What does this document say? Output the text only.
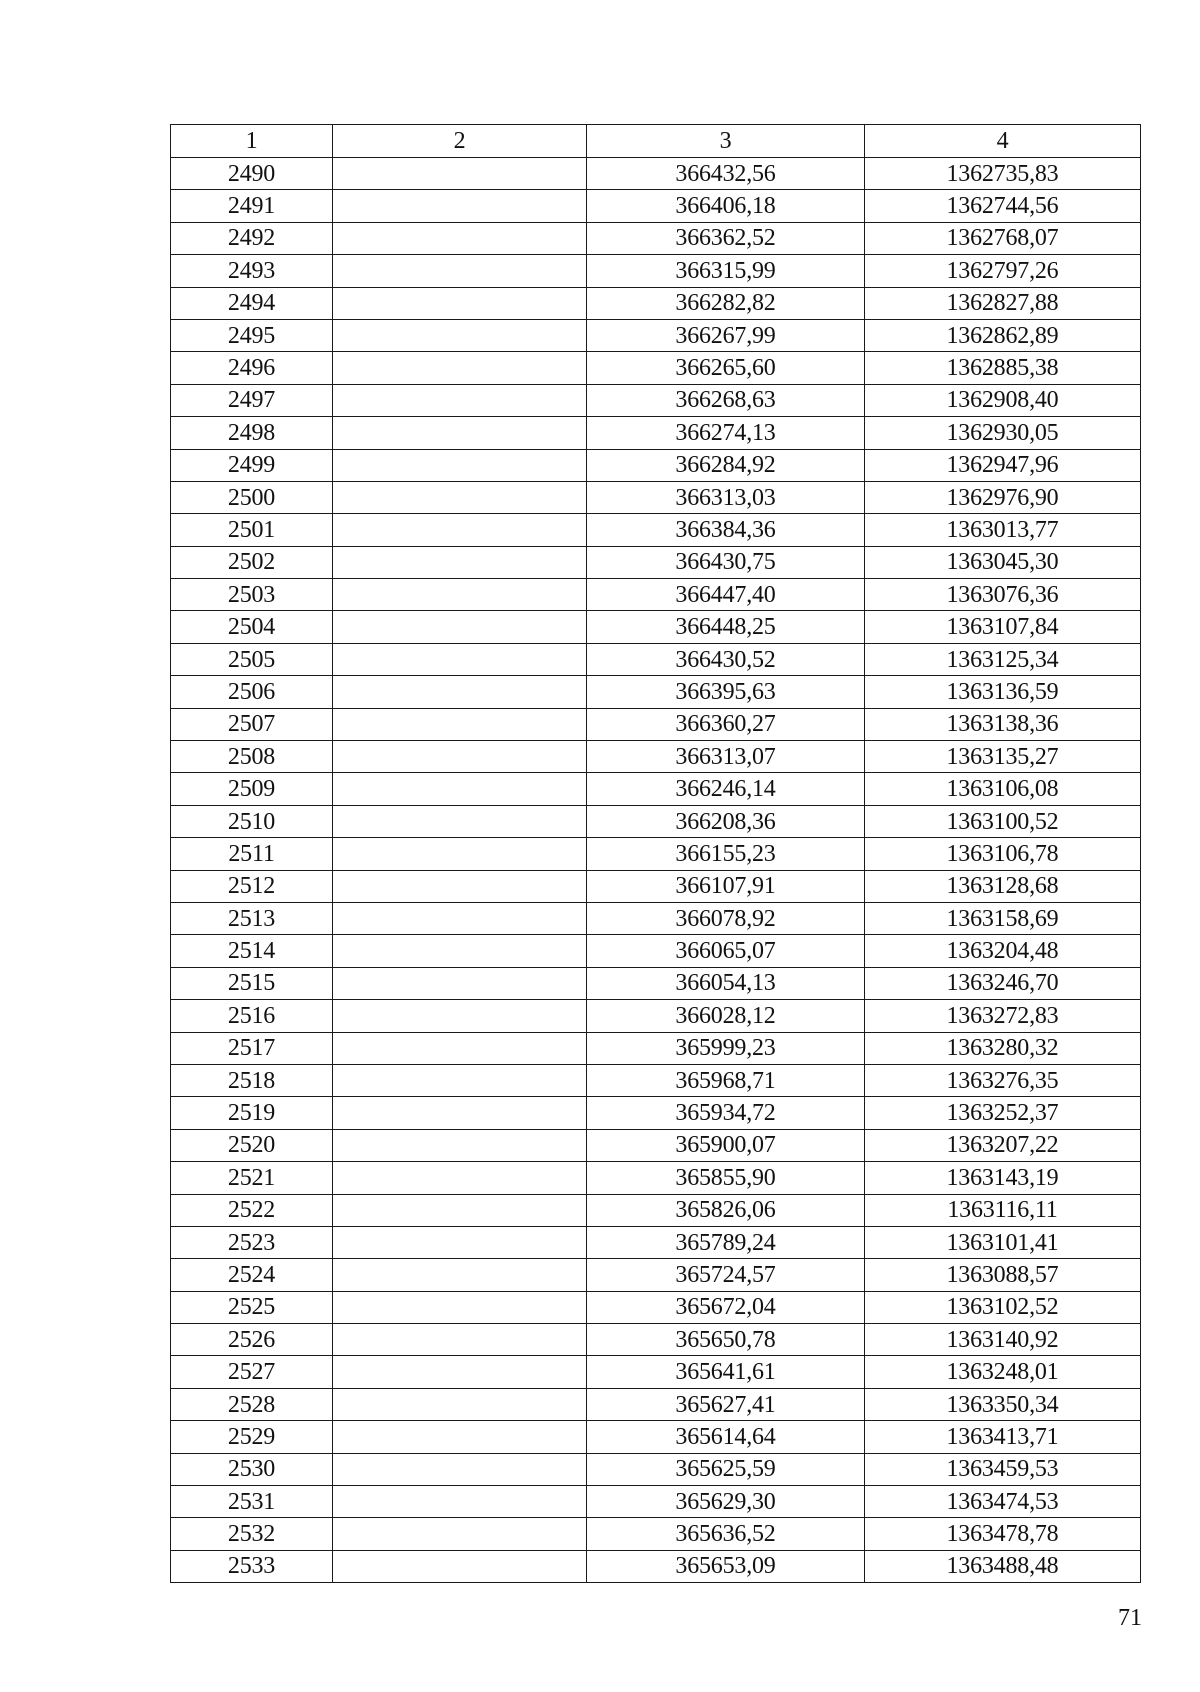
1	2	3	4
2490		366432,56	1362735,83
2491		366406,18	1362744,56
2492		366362,52	1362768,07
2493		366315,99	1362797,26
2494		366282,82	1362827,88
2495		366267,99	1362862,89
2496		366265,60	1362885,38
2497		366268,63	1362908,40
2498		366274,13	1362930,05
2499		366284,92	1362947,96
2500		366313,03	1362976,90
2501		366384,36	1363013,77
2502		366430,75	1363045,30
2503		366447,40	1363076,36
2504		366448,25	1363107,84
2505		366430,52	1363125,34
2506		366395,63	1363136,59
2507		366360,27	1363138,36
2508		366313,07	1363135,27
2509		366246,14	1363106,08
2510		366208,36	1363100,52
2511		366155,23	1363106,78
2512		366107,91	1363128,68
2513		366078,92	1363158,69
2514		366065,07	1363204,48
2515		366054,13	1363246,70
2516		366028,12	1363272,83
2517		365999,23	1363280,32
2518		365968,71	1363276,35
2519		365934,72	1363252,37
2520		365900,07	1363207,22
2521		365855,90	1363143,19
2522		365826,06	1363116,11
2523		365789,24	1363101,41
2524		365724,57	1363088,57
2525		365672,04	1363102,52
2526		365650,78	1363140,92
2527		365641,61	1363248,01
2528		365627,41	1363350,34
2529		365614,64	1363413,71
2530		365625,59	1363459,53
2531		365629,30	1363474,53
2532		365636,52	1363478,78
2533		365653,09	1363488,48
71
